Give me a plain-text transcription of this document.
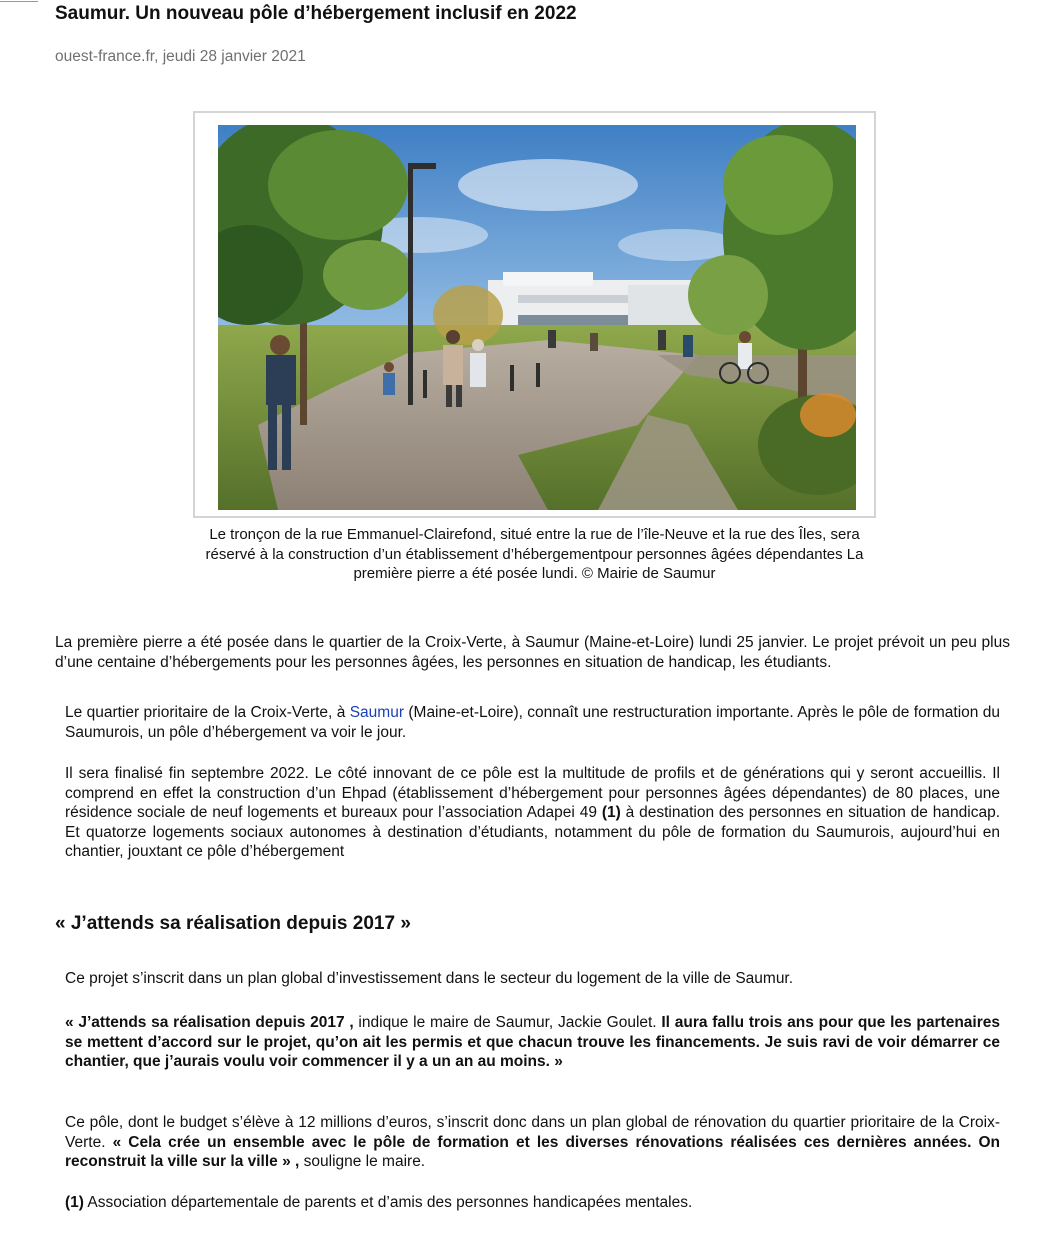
Saumur. Un nouveau pôle d’hébergement inclusif en 2022
ouest-france.fr, jeudi 28 janvier 2021
Le tronçon de la rue Emmanuel-Clairefond, situé entre la rue de l’île-Neuve et la rue des Îles, sera réservé à la construction d’un établissement d’hébergementpour personnes âgées dépendantes La première pierre a été posée lundi. © Mairie de Saumur
La première pierre a été posée dans le quartier de la Croix-Verte, à Saumur (Maine-et-Loire) lundi 25 janvier. Le projet prévoit un peu plus d’une centaine d’hébergements pour les personnes âgées, les personnes en situation de handicap, les étudiants.
Le quartier prioritaire de la Croix-Verte, à Saumur (Maine-et-Loire), connaît une restructuration importante. Après le pôle de formation du Saumurois, un pôle d’hébergement va voir le jour.
Il sera finalisé fin septembre 2022. Le côté innovant de ce pôle est la multitude de profils et de générations qui y seront accueillis. Il comprend en effet la construction d’un Ehpad (établissement d’hébergement pour personnes âgées dépendantes) de 80 places, une résidence sociale de neuf logements et bureaux pour l’association Adapei 49 (1) à destination des personnes en situation de handicap. Et quatorze logements sociaux autonomes à destination d’étudiants, notamment du pôle de formation du Saumurois, aujourd’hui en chantier, jouxtant ce pôle d’hébergement
« J’attends sa réalisation depuis 2017 »
Ce projet s’inscrit dans un plan global d’investissement dans le secteur du logement de la ville de Saumur.
« J’attends sa réalisation depuis 2017 , indique le maire de Saumur, Jackie Goulet. Il aura fallu trois ans pour que les partenaires se mettent d’accord sur le projet, qu’on ait les permis et que chacun trouve les financements. Je suis ravi de voir démarrer ce chantier, que j’aurais voulu voir commencer il y a un an au moins. »
Ce pôle, dont le budget s’élève à 12 millions d’euros, s’inscrit donc dans un plan global de rénovation du quartier prioritaire de la Croix-Verte. « Cela crée un ensemble avec le pôle de formation et les diverses rénovations réalisées ces dernières années. On reconstruit la ville sur la ville » , souligne le maire.
(1) Association départementale de parents et d’amis des personnes handicapées mentales.
